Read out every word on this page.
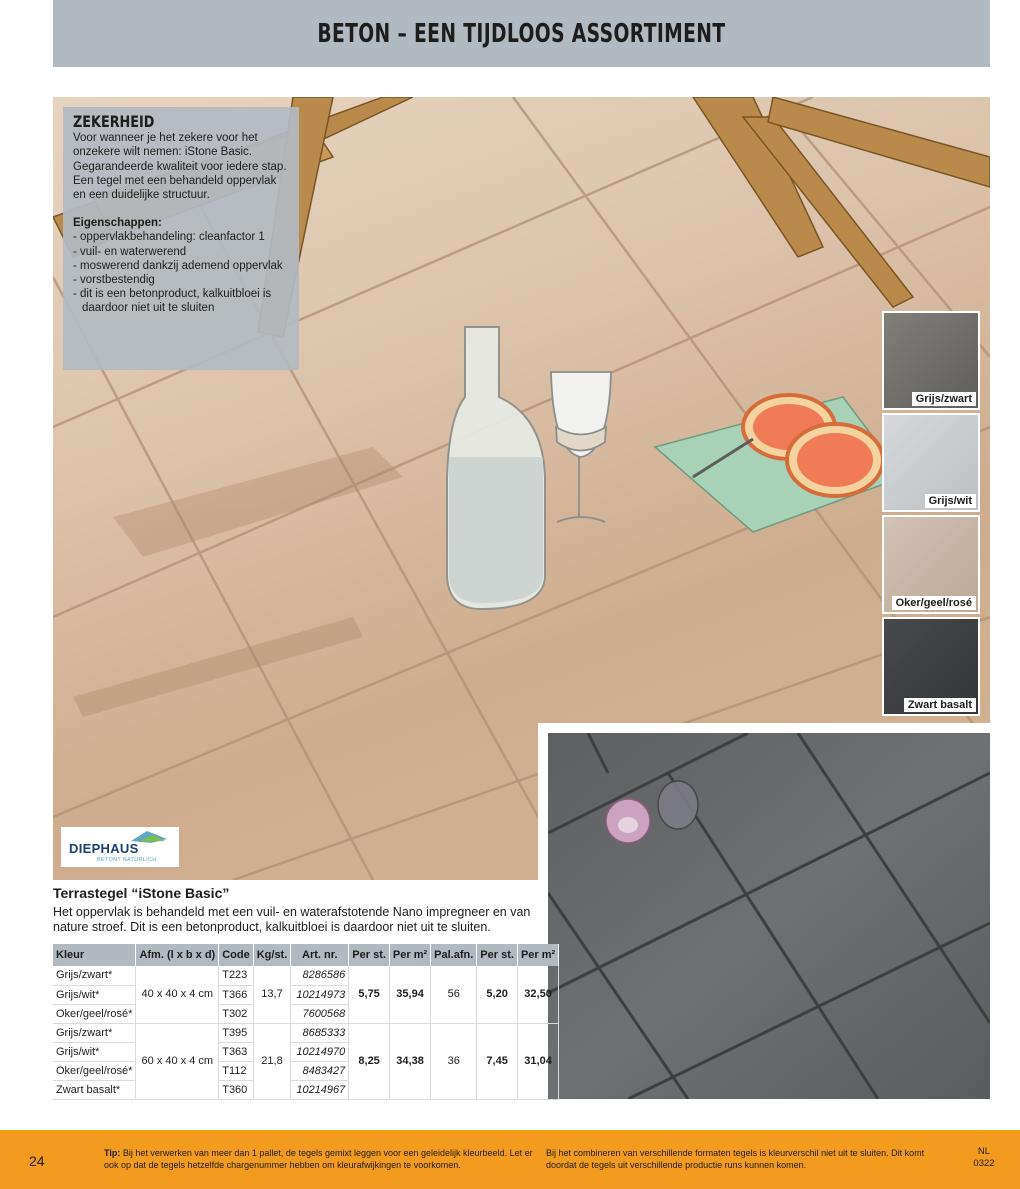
BETON – EEN TIJDLOOS ASSORTIMENT
ZEKERHEID

Voor wanneer je het zekere voor het onzekere wilt nemen: iStone Basic. Gegarandeerde kwaliteit voor iedere stap. Een tegel met een behandeld oppervlak en een duidelijke structuur.

Eigenschappen:

- oppervlakbehandeling: cleanfactor 1
- vuil- en waterwerend
- moswerend dankzij ademend oppervlak
- vorstbestendig
- dit is een betonproduct, kalkuitbloei is daardoor niet uit te sluiten
Grijs/zwart
Grijs/wit
Oker/geel/rosé
Zwart basalt
DIEPHAUS
BETONT NATÜRLICH.
Terrastegel “iStone Basic”
Het oppervlak is behandeld met een vuil- en waterafstotende Nano impregneer en van nature stroef. Dit is een betonproduct, kalkuitbloei is daardoor niet uit te sluiten.
Kleur	Afm. (l x b x d)	Code	Kg/st.	Art. nr.	Per st.	Per m²	Pal.afn.	Per st.	Per m²
Grijs/zwart*	40 x 40 x 4 cm	T223	13,7	8286586	5,75	35,94	56	5,20	32,50
Grijs/wit*		T366		10214973					
Oker/geel/rosé*		T302		7600568					
Grijs/zwart*	60 x 40 x 4 cm	T395	21,8	8685333	8,25	34,38	36	7,45	31,04
Grijs/wit*		T363		10214970					
Oker/geel/rosé*		T112		8483427					
Zwart basalt*		T360		10214967					
24	Tip: Bij het verwerken van meer dan 1 pallet, de tegels gemixt leggen voor een geleidelijk kleurbeeld. Let er ook op dat de tegels hetzelfde chargenummer hebben om kleurafwijkingen te voorkomen.
Bij het combineren van verschillende formaten tegels is kleurverschil niet uit te sluiten. Dit komt doordat de tegels uit verschillende productie runs kunnen komen.
NL
0322
